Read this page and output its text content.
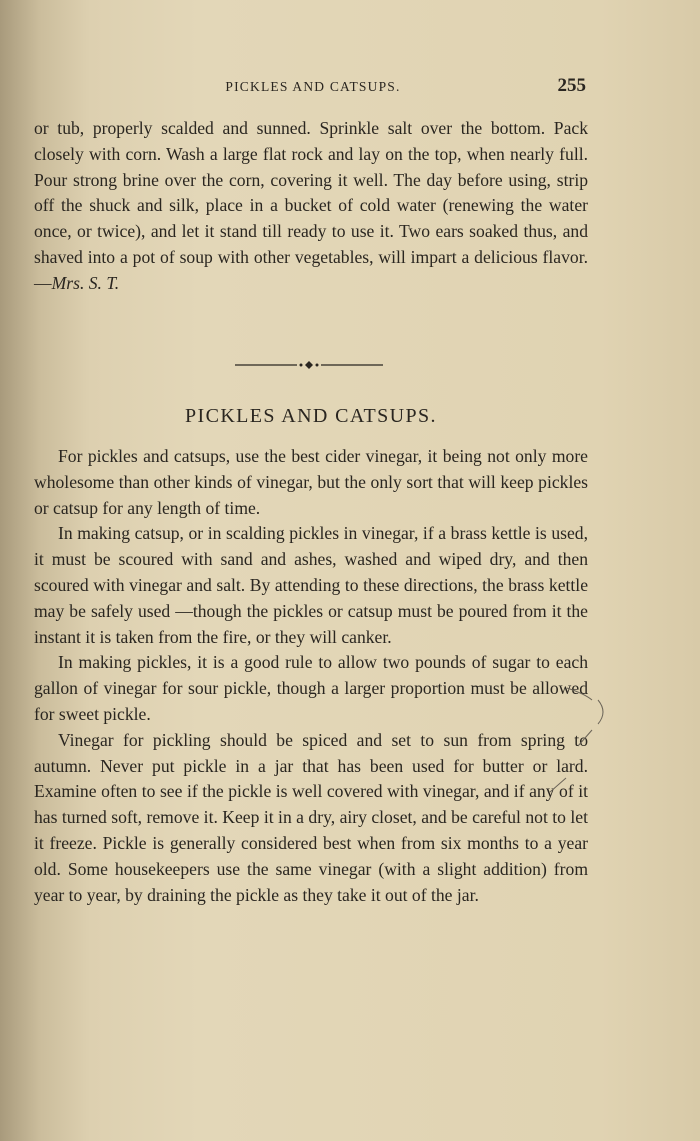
PICKLES AND CATSUPS.	255

or tub, properly scalded and sunned. Sprinkle salt over the bottom. Pack closely with corn. Wash a large flat rock and lay on the top, when nearly full. Pour strong brine over the corn, covering it well. The day before using, strip off the shuck and silk, place in a bucket of cold water (renewing the water once, or twice), and let it stand till ready to use it. Two ears soaked thus, and shaved into a pot of soup with other vegetables, will impart a delicious flavor.—Mrs. S. T.

PICKLES AND CATSUPS.

For pickles and catsups, use the best cider vinegar, it being not only more wholesome than other kinds of vinegar, but the only sort that will keep pickles or catsup for any length of time.

In making catsup, or in scalding pickles in vinegar, if a brass kettle is used, it must be scoured with sand and ashes, washed and wiped dry, and then scoured with vinegar and salt. By attending to these directions, the brass kettle may be safely used —though the pickles or catsup must be poured from it the instant it is taken from the fire, or they will canker.

In making pickles, it is a good rule to allow two pounds of sugar to each gallon of vinegar for sour pickle, though a larger proportion must be allowed for sweet pickle.

Vinegar for pickling should be spiced and set to sun from spring to autumn. Never put pickle in a jar that has been used for butter or lard. Examine often to see if the pickle is well covered with vinegar, and if any of it has turned soft, remove it. Keep it in a dry, airy closet, and be careful not to let it freeze. Pickle is generally considered best when from six months to a year old. Some housekeepers use the same vinegar (with a slight addition) from year to year, by draining the pickle as they take it out of the jar.
